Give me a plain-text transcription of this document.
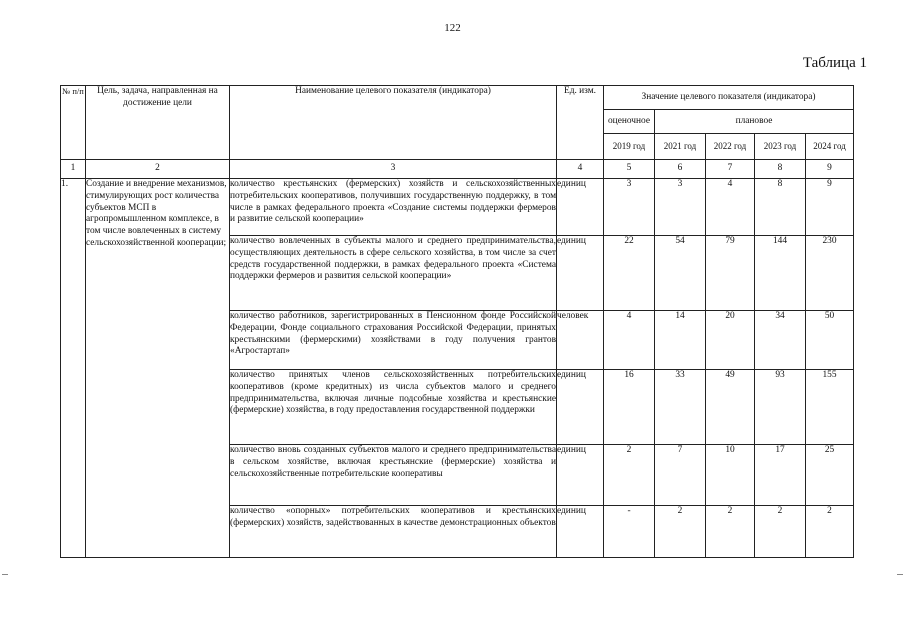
122
Таблица 1
№ п/п	Цель, задача, направленная на достижение цели	Наименование целевого показателя (индикатора)	Ед. изм.	Значение целевого показателя (индикатора)				
				оценочное	плановое			
				2019 год	2021 год	2022 год	2023 год	2024 год
1	2	3	4	5	6	7	8	9
1.	Создание и внедрение механизмов, стимулирующих рост количества субъектов МСП в агропромышленном комплексе, в том числе вовлеченных в систему сельскохозяйственной кооперации;	количество крестьянских (фермерских) хозяйств и сельскохозяйственных потребительских кооперативов, получивших государственную поддержку, в том числе в рамках федерального проекта «Создание системы поддержки фермеров и развитие сельской кооперации»	единиц	3	3	4	8	9
		количество вовлеченных в субъекты малого и среднего предпринимательства, осуществляющих деятельность в сфере сельского хозяйства, в том числе за счет средств государственной поддержки, в рамках федерального проекта «Система поддержки фермеров и развития сельской кооперации»	единиц	22	54	79	144	230
		количество работников, зарегистрированных в Пенсионном фонде Российской Федерации, Фонде социального страхования Российской Федерации, принятых крестьянскими (фермерскими) хозяйствами в году получения грантов «Агростартап»	человек	4	14	20	34	50
		количество принятых членов сельскохозяйственных потребительских кооперативов (кроме кредитных) из числа субъектов малого и среднего предпринимательства, включая личные подсобные хозяйства и крестьянские (фермерские) хозяйства, в году предоставления государственной поддержки	единиц	16	33	49	93	155
		количество вновь созданных субъектов малого и среднего предпринимательства в сельском хозяйстве, включая крестьянские (фермерские) хозяйства и сельскохозяйственные потребительские кооперативы	единиц	2	7	10	17	25
		количество «опорных» потребительских кооперативов и крестьянских (фермерских) хозяйств, задействованных в качестве демонстрационных объектов	единиц	-	2	2	2	2
